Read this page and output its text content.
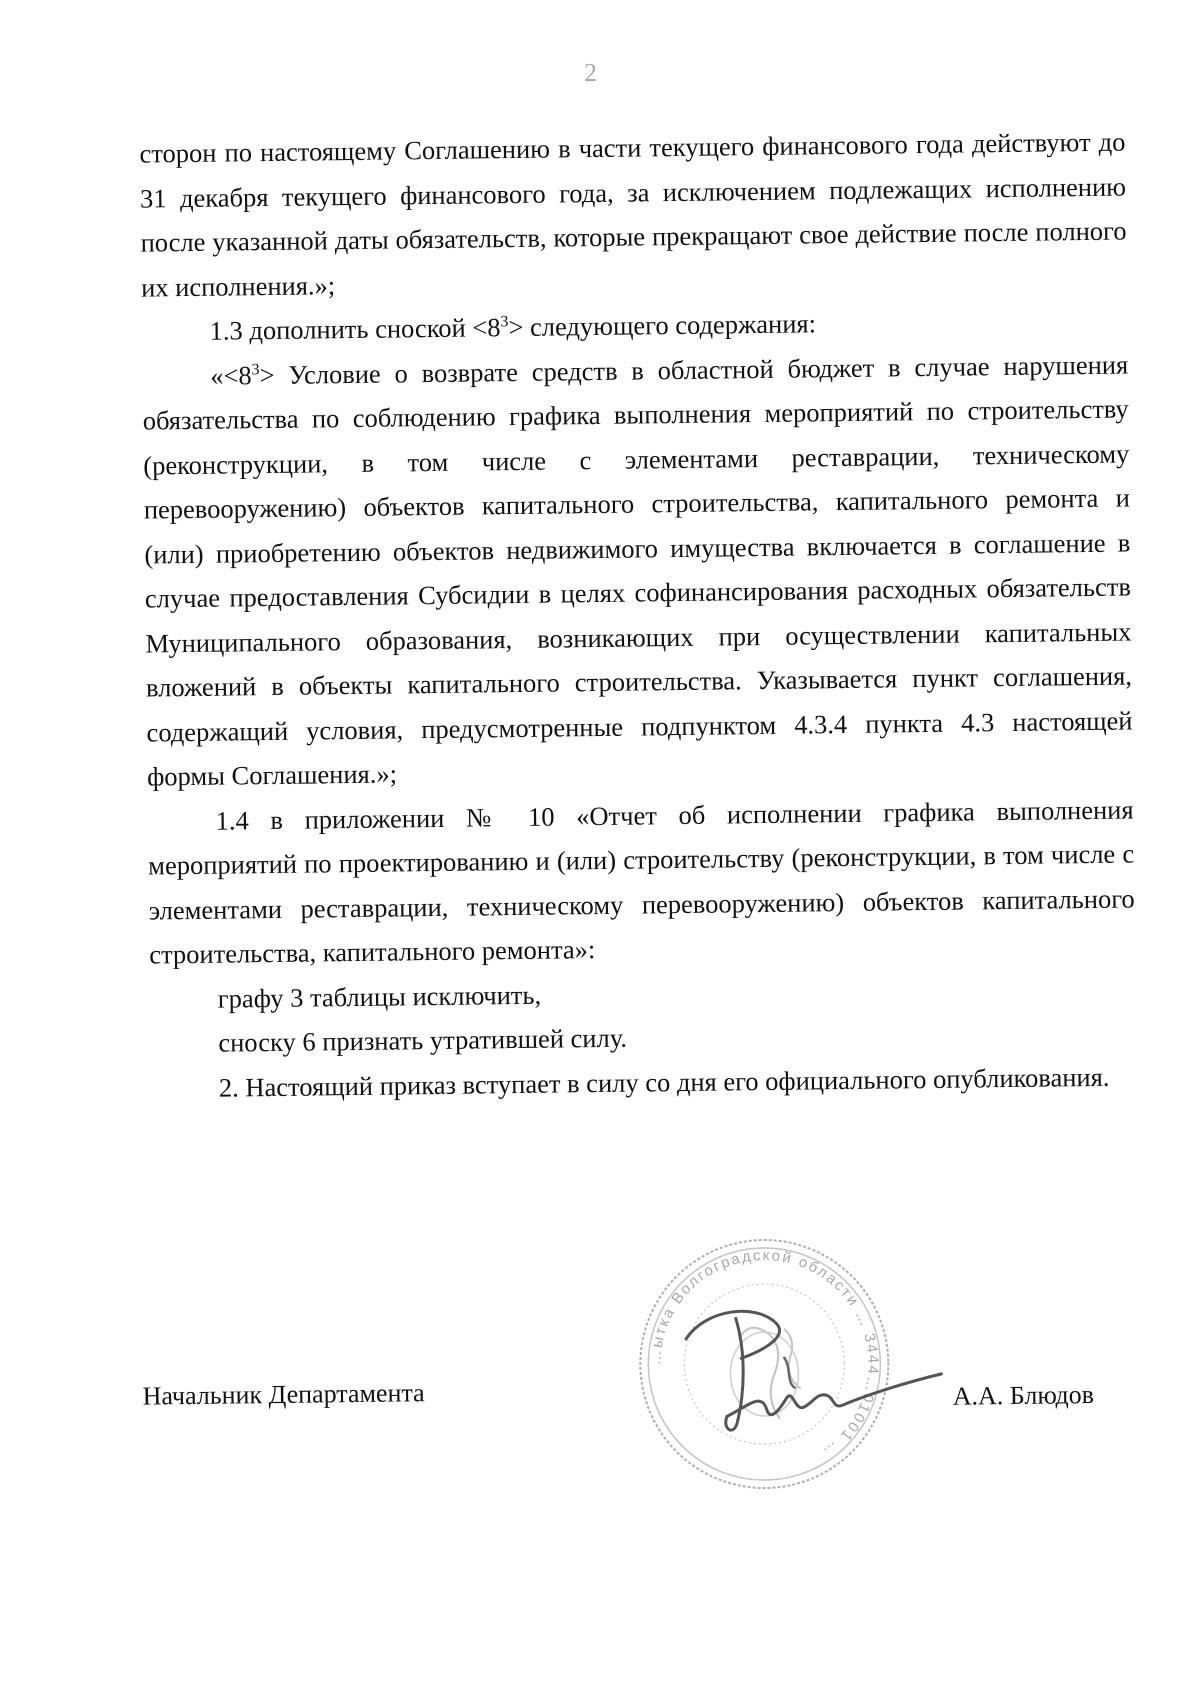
2

сторон по настоящему Соглашению в части текущего финансового года действуют до 31 декабря текущего финансового года, за исключением подлежащих исполнению после указанной даты обязательств, которые прекращают свое действие после полного их исполнения.»;

1.3 дополнить сноской $<8^3>$ следующего содержания:

«$<8^3>$ Условие о возврате средств в областной бюджет в случае нарушения обязательства по соблюдению графика выполнения мероприятий по строительству (реконструкции, в том числе с элементами реставрации, техническому перевооружению) объектов капитального строительства, капитального ремонта и (или) приобретению объектов недвижимого имущества включается в соглашение в случае предоставления Субсидии в целях софинансирования расходных обязательств Муниципального образования, возникающих при осуществлении капитальных вложений в объекты капитального строительства. Указывается пункт соглашения, содержащий условия, предусмотренные подпунктом 4.3.4 пункта 4.3 настоящей формы Соглашения.»;

1.4 в приложении № 10 «Отчет об исполнении графика выполнения мероприятий по проектированию и (или) строительству (реконструкции, в том числе с элементами реставрации, техническому перевооружению) объектов капитального строительства, капитального ремонта»:

графу 3 таблицы исключить,

сноску 6 признать утратившей силу.

2. Настоящий приказ вступает в силу со дня его официального опубликования.

Начальник Департамента
…ытка Волгоградской области … 3444…01001 …
А.А. Блюдов
